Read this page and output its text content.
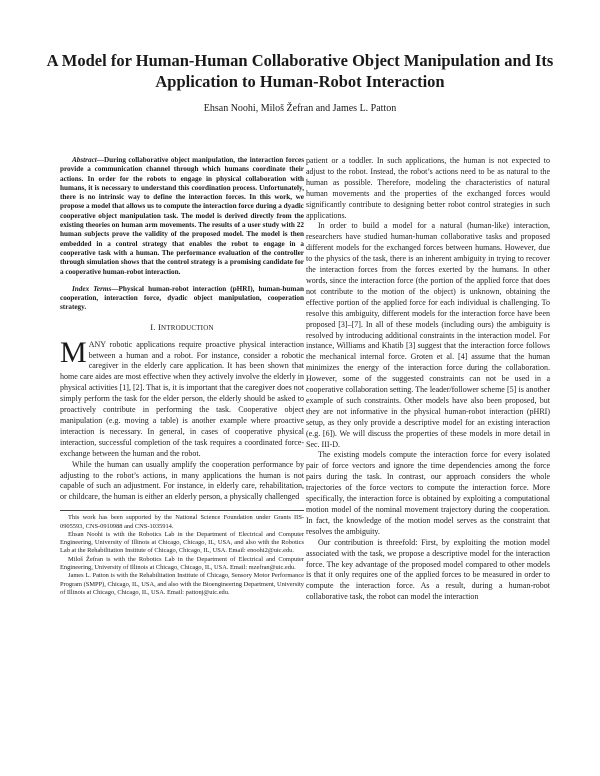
A Model for Human-Human Collaborative Object Manipulation and Its Application to Human-Robot Interaction
Ehsan Noohi, Miloš Žefran and James L. Patton

Abstract—During collaborative object manipulation, the interaction forces provide a communication channel through which humans coordinate their actions. In order for the robots to engage in physical collaboration with humans, it is necessary to understand this coordination process. Unfortunately, there is no intrinsic way to define the interaction forces. In this work, we propose a model that allows us to compute the interaction force during a dyadic cooperative object manipulation task. The model is derived directly from the existing theories on human arm movements. The results of a user study with 22 human subjects prove the validity of the proposed model. The model is then embedded in a control strategy that enables the robot to engage in a cooperative task with a human. The performance evaluation of the controller through simulation shows that the control strategy is a promising candidate for a cooperative human-robot interaction.

Index Terms—Physical human-robot interaction (pHRI), human-human cooperation, interaction force, dyadic object manipulation, cooperation strategy.

I. INTRODUCTION

MANY robotic applications require proactive physical interaction between a human and a robot. For instance, consider a robotic caregiver in the elderly care application. It has been shown that home care aides are most effective when they actively involve the elderly in physical activities [1], [2]. That is, it is important that the caregiver does not simply perform the task for the elder person, the elderly should be asked to proactively contribute in performing the task. Cooperative object manipulation (e.g. moving a table) is another example where proactive interaction is necessary. In general, in cases of cooperative physical interaction, successful completion of the task requires a coordinated force-exchange between the human and the robot.

While the human can usually amplify the cooperation performance by adjusting to the robot’s actions, in many applications the human is not capable of such an adjustment. For instance, in elderly care, rehabilitation, or childcare, the human is either an elderly person, a physically challenged

This work has been supported by the National Science Foundation under Grants IIS-0905593, CNS-0910988 and CNS-1035914.

Ehsan Noohi is with the Robotics Lab in the Department of Electrical and Computer Engineering, University of Illinois at Chicago, Chicago, IL, USA, and also with the Robotics Lab at the Rehabilitation Institute of Chicago, Chicago, IL, USA. Email: enoohi2@uic.edu.

Miloš Žefran is with the Robotics Lab in the Department of Electrical and Computer Engineering, University of Illinois at Chicago, Chicago, IL, USA. Email: mzefran@uic.edu.

James L. Patton is with the Rehabilitation Institute of Chicago, Sensory Motor Performance Program (SMPP), Chicago, IL, USA, and also with the Bioengineering Department, University of Illinois at Chicago, Chicago, IL, USA. Email: pattonj@uic.edu.

patient or a toddler. In such applications, the human is not expected to adjust to the robot. Instead, the robot’s actions need to be as natural to the human as possible. Therefore, modeling the characteristics of natural human movements and the properties of the exchanged forces would significantly contribute to designing better robot control strategies in such applications.

In order to build a model for a natural (human-like) interaction, researchers have studied human-human collaborative tasks and proposed different models for the exchanged forces between humans. However, due to the physics of the task, there is an inherent ambiguity in trying to recover the interaction forces from the forces exerted by the humans. In other words, since the interaction force (the portion of the applied force that does not contribute to the motion of the object) is unknown, obtaining the effective portion of the applied force for each individual is challenging. To resolve this ambiguity, different models for the interaction force have been proposed [3]–[7]. In all of these models (including ours) the ambiguity is resolved by introducing additional constraints in the interaction model. For instance, Williams and Khatib [3] suggest that the interaction force follows the mechanical internal force. Groten et al. [4] assume that the human minimizes the energy of the interaction force during the collaboration. However, some of the suggested constraints can not be used in a cooperative collaboration setting. The leader/follower scheme [5] is another example of such constraints. Other models have also been proposed, but they are not informative in the physical human-robot interaction (pHRI) setup, as they only provide a descriptive model for an existing interaction (e.g. [6]). We will discuss the properties of these models in more detail in Sec. III-D.

The existing models compute the interaction force for every isolated pair of force vectors and ignore the time dependencies among the force pairs during the task. In contrast, our approach considers the whole trajectories of the force vectors to compute the interaction force. More specifically, the interaction force is obtained by exploiting a computational motion model of the nominal movement trajectory during the cooperation. In fact, the knowledge of the motion model serves as the constraint that resolves the ambiguity.

Our contribution is threefold: First, by exploiting the motion model associated with the task, we propose a descriptive model for the interaction force. The key advantage of the proposed model compared to other models is that it only requires one of the applied forces to be measured in order to compute the interaction force. As a result, during a human-robot collaborative task, the robot can model the interaction
